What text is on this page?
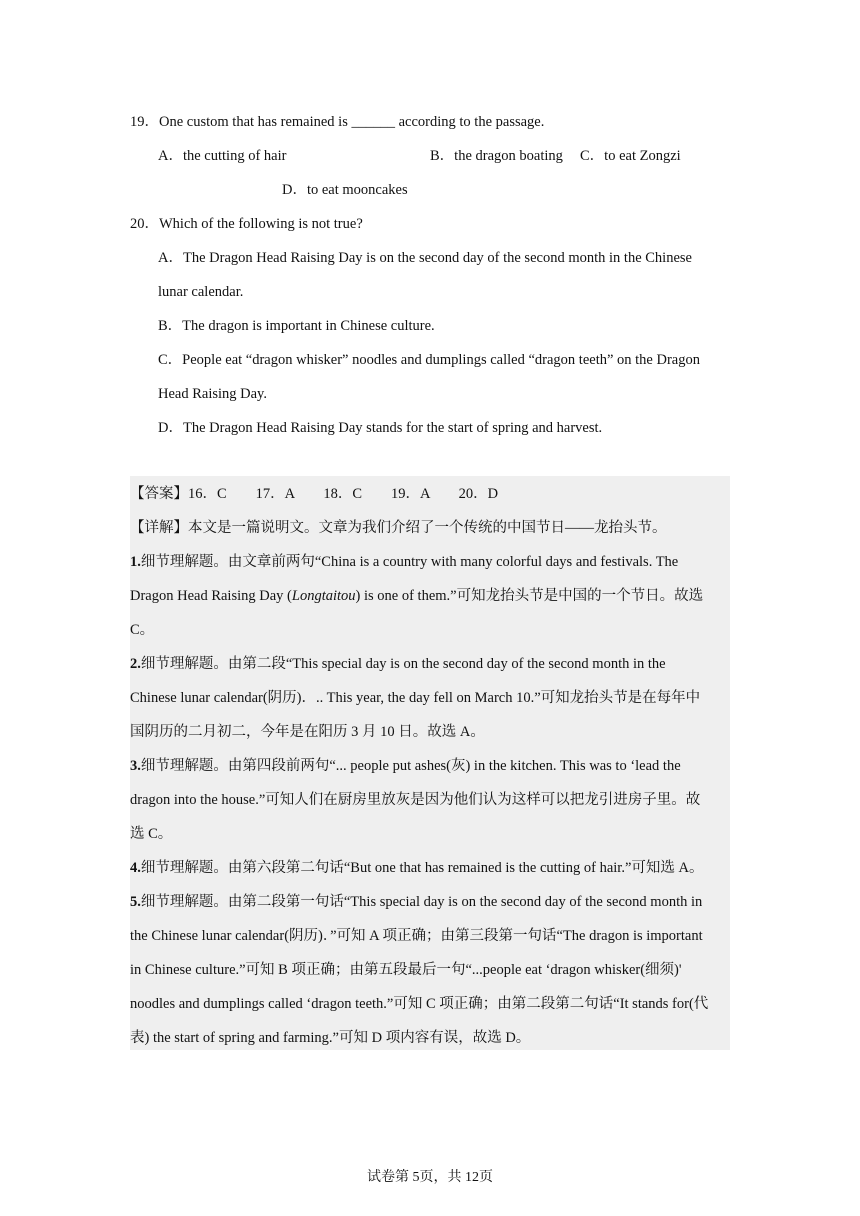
19．One custom that has remained is ______ according to the passage.
A．the cutting of hair	B．the dragon boating C．to eat Zongzi
D．to eat mooncakes
20．Which of the following is not true?
A．The Dragon Head Raising Day is on the second day of the second month in the Chinese
lunar calendar.
B．The dragon is important in Chinese culture.
C．People eat “dragon whisker” noodles and dumplings called “dragon teeth” on the Dragon
Head Raising Day.
D．The Dragon Head Raising Day stands for the start of spring and harvest.
【答案】16．C　　17．A　　18．C　　19．A　　20．D
【详解】本文是一篇说明文。文章为我们介绍了一个传统的中国节日——龙抬头节。
1.细节理解题。由文章前两句“China is a country with many colorful days and festivals. The
Dragon Head Raising Day (Longtaitou) is one of them.”可知龙抬头节是中国的一个节日。故选
C。
2.细节理解题。由第二段“This special day is on the second day of the second month in the
Chinese lunar calendar(阴历)．.. This year, the day fell on March 10.”可知龙抬头节是在每年中
国阴历的二月初二，今年是在阳历 3 月 10 日。故选 A。
3.细节理解题。由第四段前两句“... people put ashes(灰) in the kitchen. This was to ‘lead the
dragon into the house.”可知人们在厨房里放灰是因为他们认为这样可以把龙引进房子里。故
选 C。
4.细节理解题。由第六段第二句话“But one that has remained is the cutting of hair.”可知选 A。
5.细节理解题。由第二段第一句话“This special day is on the second day of the second month in
the Chinese lunar calendar(阴历)．”可知 A 项正确；由第三段第一句话“The dragon is important
in Chinese culture.”可知 B 项正确；由第五段最后一句“...people eat ‘dragon whisker(细须)'
noodles and dumplings called ‘dragon teeth.”可知 C 项正确；由第二段第二句话“It stands for(代
表) the start of spring and farming.”可知 D 项内容有误，故选 D。
试卷第 5页，共 12页
